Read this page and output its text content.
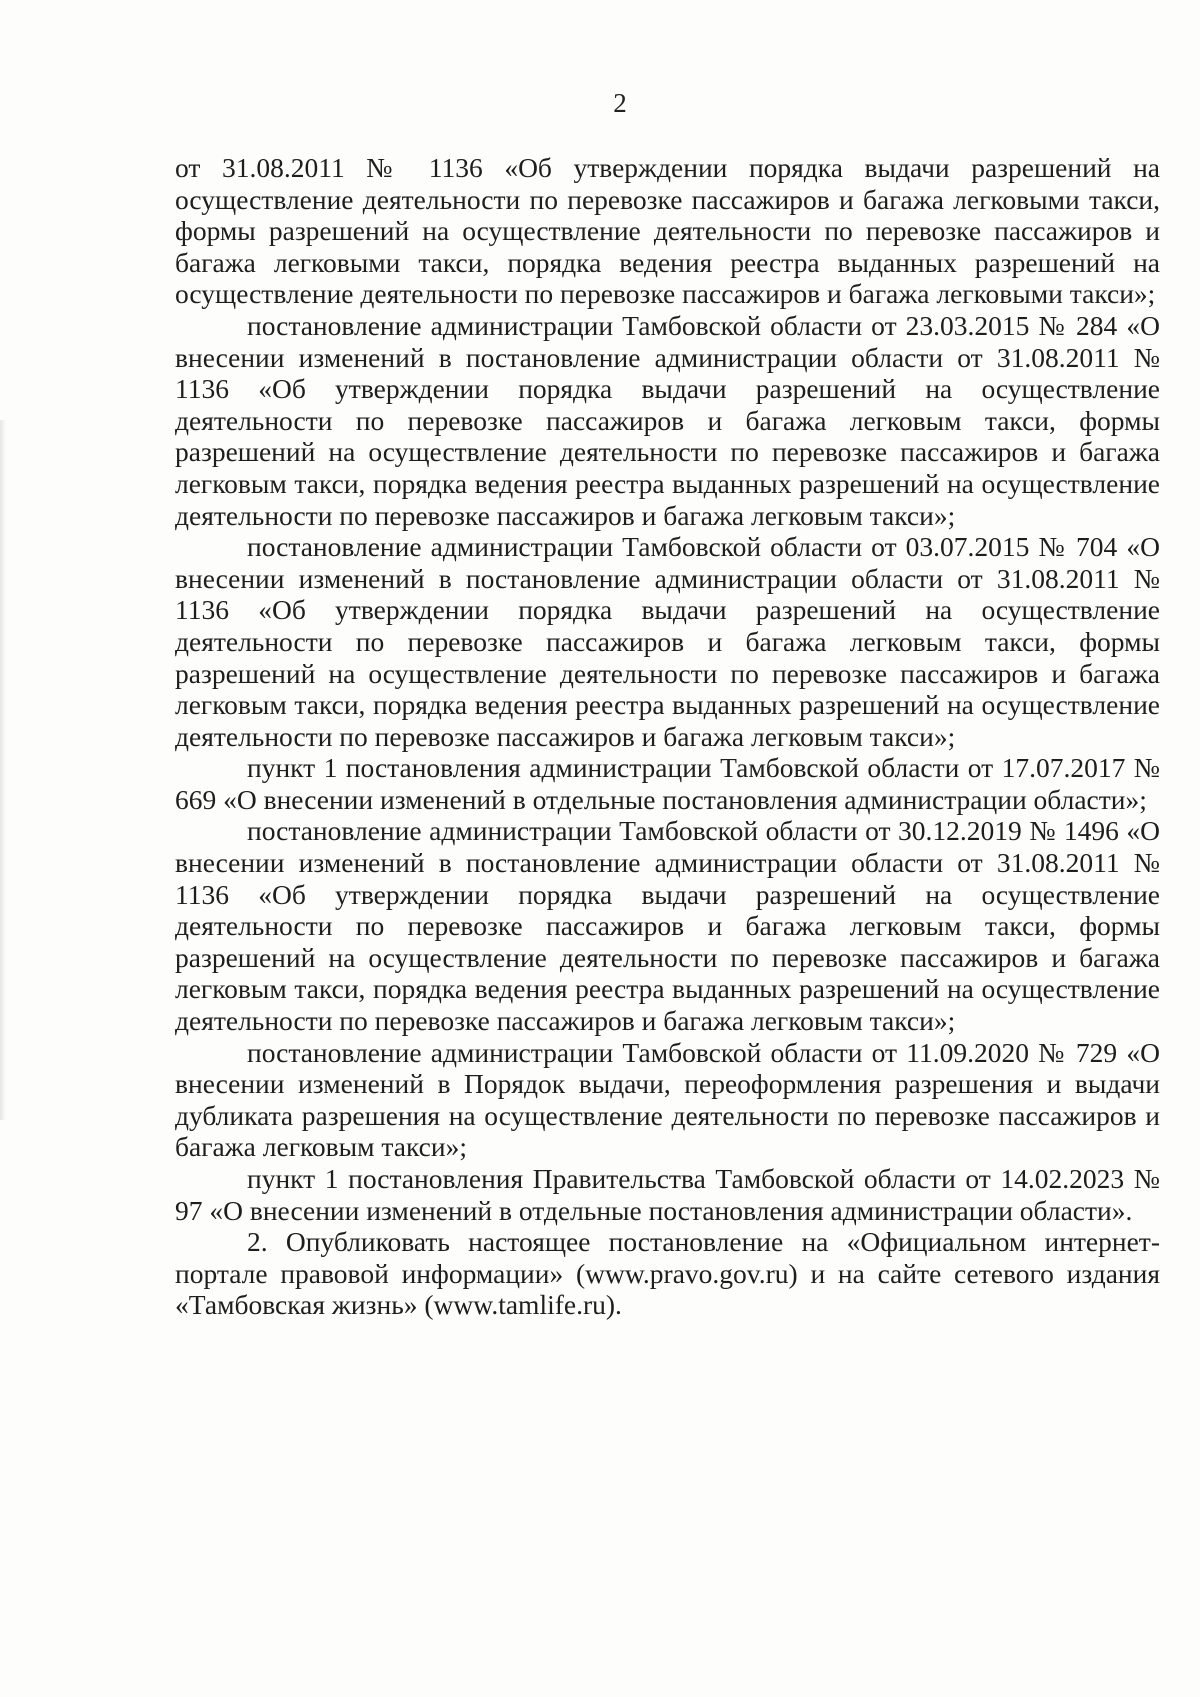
2

от 31.08.2011 № 1136 «Об утверждении порядка выдачи разрешений на осуществление деятельности по перевозке пассажиров и багажа легковыми такси, формы разрешений на осуществление деятельности по перевозке пассажиров и багажа легковыми такси, порядка ведения реестра выданных разрешений на осуществление деятельности по перевозке пассажиров и багажа легковыми такси»;

постановление администрации Тамбовской области от 23.03.2015 № 284 «О внесении изменений в постановление администрации области от 31.08.2011 № 1136 «Об утверждении порядка выдачи разрешений на осуществление деятельности по перевозке пассажиров и багажа легковым такси, формы разрешений на осуществление деятельности по перевозке пассажиров и багажа легковым такси, порядка ведения реестра выданных разрешений на осуществление деятельности по перевозке пассажиров и багажа легковым такси»;

постановление администрации Тамбовской области от 03.07.2015 № 704 «О внесении изменений в постановление администрации области от 31.08.2011 № 1136 «Об утверждении порядка выдачи разрешений на осуществление деятельности по перевозке пассажиров и багажа легковым такси, формы разрешений на осуществление деятельности по перевозке пассажиров и багажа легковым такси, порядка ведения реестра выданных разрешений на осуществление деятельности по перевозке пассажиров и багажа легковым такси»;

пункт 1 постановления администрации Тамбовской области от 17.07.2017 № 669 «О внесении изменений в отдельные постановления администрации области»;

постановление администрации Тамбовской области от 30.12.2019 № 1496 «О внесении изменений в постановление администрации области от 31.08.2011 № 1136 «Об утверждении порядка выдачи разрешений на осуществление деятельности по перевозке пассажиров и багажа легковым такси, формы разрешений на осуществление деятельности по перевозке пассажиров и багажа легковым такси, порядка ведения реестра выданных разрешений на осуществление деятельности по перевозке пассажиров и багажа легковым такси»;

постановление администрации Тамбовской области от 11.09.2020 № 729 «О внесении изменений в Порядок выдачи, переоформления разрешения и выдачи дубликата разрешения на осуществление деятельности по перевозке пассажиров и багажа легковым такси»;

пункт 1 постановления Правительства Тамбовской области от 14.02.2023 № 97 «О внесении изменений в отдельные постановления администрации области».

2. Опубликовать настоящее постановление на «Официальном интернет-портале правовой информации» (www.pravo.gov.ru) и на сайте сетевого издания «Тамбовская жизнь» (www.tamlife.ru).
